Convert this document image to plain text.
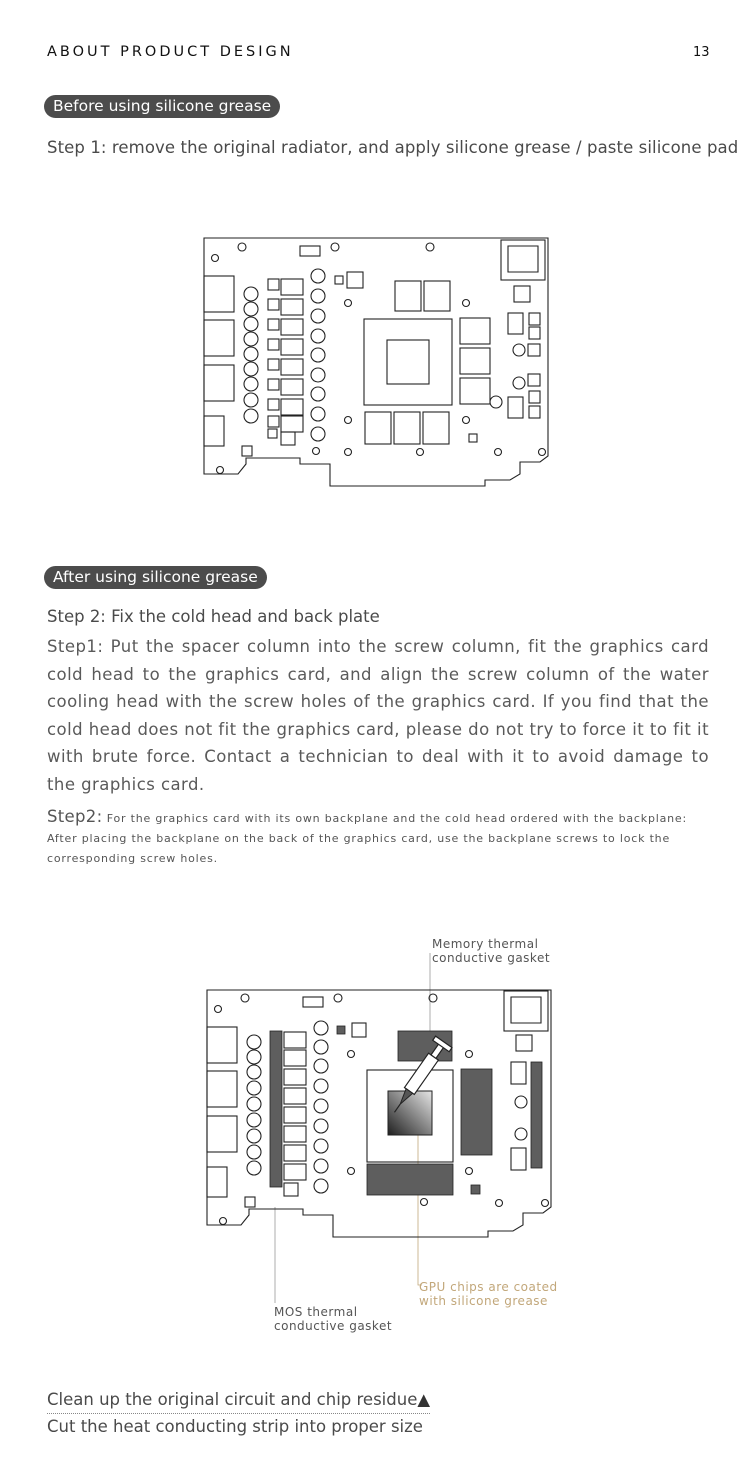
ABOUT PRODUCT DESIGN	13
Before using silicone grease
Step 1: remove the original radiator, and apply silicone grease / paste silicone pad
After using silicone grease
Step 2: Fix the cold head and back plate
Step1: Put the spacer column into the screw column, fit the graphics card cold head to the graphics card, and align the screw column of the water cooling head with the screw holes of the graphics card. If you find that the cold head does not fit the graphics card, please do not try to force it to fit it with brute force. Contact a technician to deal with it to avoid damage to the graphics card.
Step2: For the graphics card with its own backplane and the cold head ordered with the backplane: After placing the backplane on the back of the graphics card, use the backplane screws to lock the corresponding screw holes.
Memory thermal
conductive gasket
GPU chips are coated
with silicone grease
MOS thermal
conductive gasket
Clean up the original circuit and chip residue▲
Cut the heat conducting strip into proper size
